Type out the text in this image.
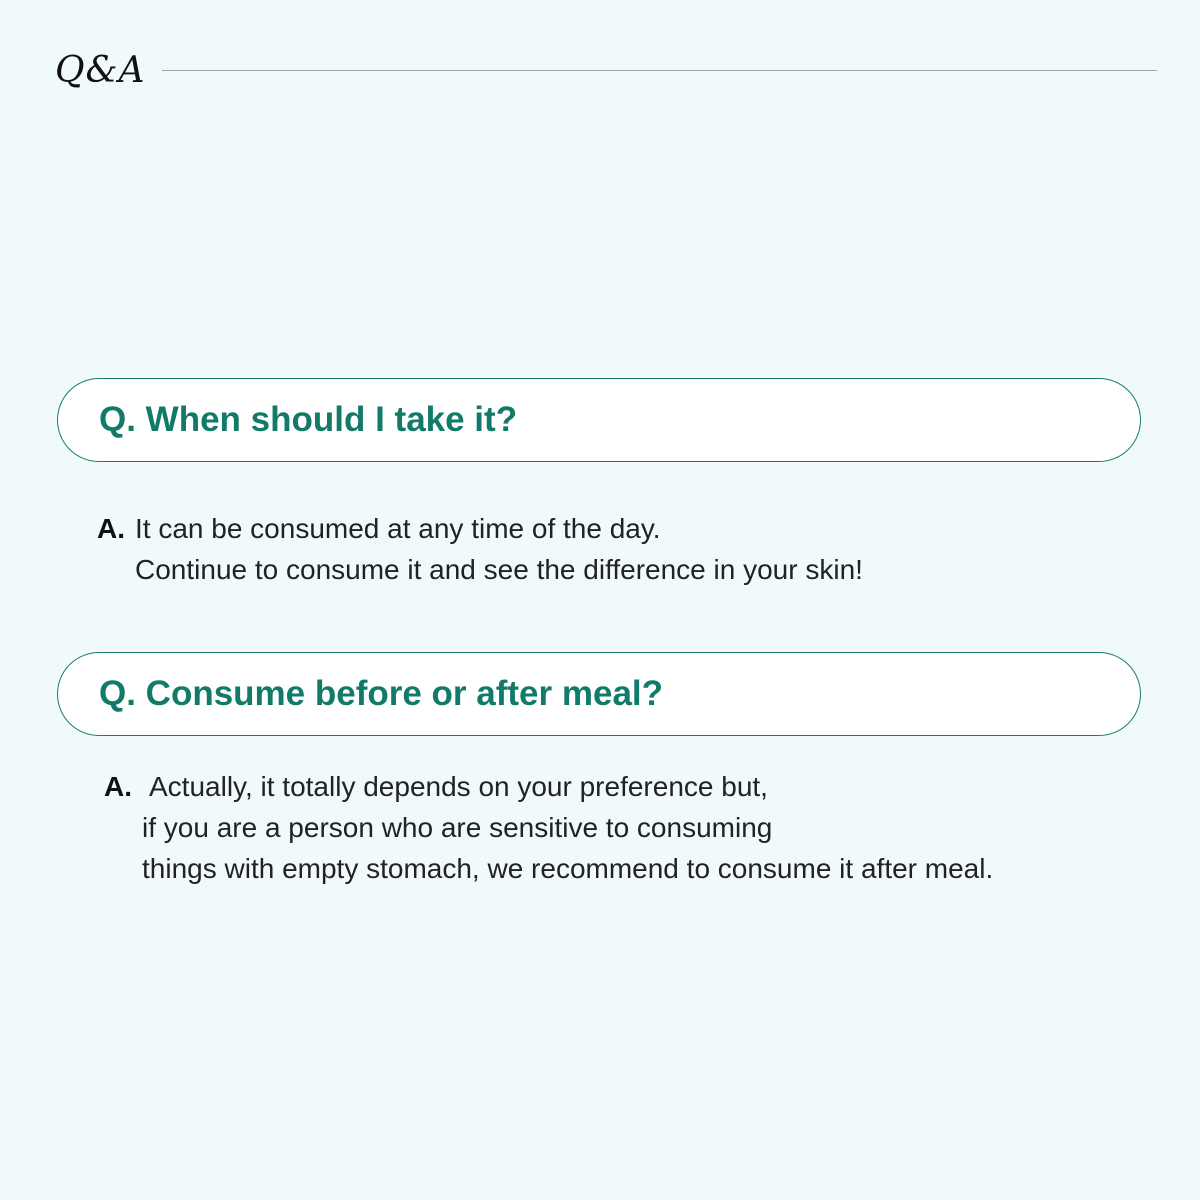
Q&A
Q. When should I take it?
A. It can be consumed at any time of the day.
Continue to consume it and see the difference in your skin!
Q. Consume before or after meal?
A. Actually, it totally depends on your preference but,
if you are a person who are sensitive to consuming
things with empty stomach, we recommend to consume it after meal.
